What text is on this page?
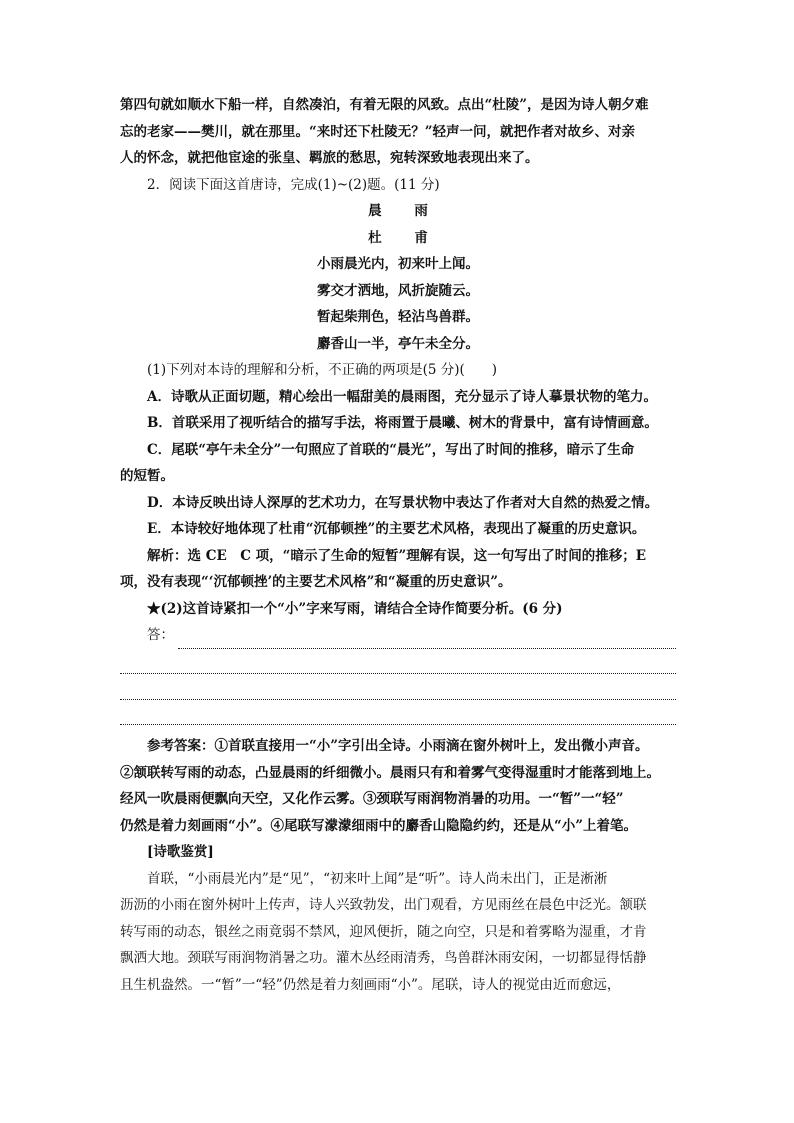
第四句就如顺水下船一样，自然凑泊，有着无限的风致。点出“杜陵”，是因为诗人朝夕难

忘的老家——樊川，就在那里。“来时还下杜陵无？”轻声一问，就把作者对故乡、对亲

人的怀念，就把他宦途的张皇、羁旅的愁思，宛转深致地表现出来了。

2．阅读下面这首唐诗，完成(1)~(2)题。(11 分)

晨 雨

杜 甫

小雨晨光内，初来叶上闻。

雾交才洒地，风折旋随云。

暂起柴荆色，轻沾鸟兽群。

麝香山一半，亭午未全分。

(1)下列对本诗的理解和分析，不正确的两项是(5 分)(　　)

A．诗歌从正面切题，精心绘出一幅甜美的晨雨图，充分显示了诗人摹景状物的笔力。

B．首联采用了视听结合的描写手法，将雨置于晨曦、树木的背景中，富有诗情画意。

C．尾联“亭午未全分”一句照应了首联的“晨光”，写出了时间的推移，暗示了生命

的短暂。

D．本诗反映出诗人深厚的艺术功力，在写景状物中表达了作者对大自然的热爱之情。

E．本诗较好地体现了杜甫“沉郁顿挫”的主要艺术风格，表现出了凝重的历史意识。

解析：选 CE　C 项，“暗示了生命的短暂”理解有误，这一句写出了时间的推移；E

项，没有表现“‘沉郁顿挫’的主要艺术风格”和“凝重的历史意识”。

★(2)这首诗紧扣一个“小”字来写雨，请结合全诗作简要分析。(6 分)

答：

参考答案：①首联直接用一“小”字引出全诗。小雨滴在窗外树叶上，发出微小声音。

②颔联转写雨的动态，凸显晨雨的纤细微小。晨雨只有和着雾气变得湿重时才能落到地上。

经风一吹晨雨便飘向天空，又化作云雾。③颈联写雨润物消暑的功用。一“暂”一“轻”

仍然是着力刻画雨“小”。④尾联写濛濛细雨中的麝香山隐隐约约，还是从“小”上着笔。

[诗歌鉴赏]

首联，“小雨晨光内”是“见”，“初来叶上闻”是“听”。诗人尚未出门，正是淅淅

沥沥的小雨在窗外树叶上传声，诗人兴致勃发，出门观看，方见雨丝在晨色中泛光。颔联

转写雨的动态，银丝之雨竟弱不禁风，迎风便折，随之向空，只是和着雾略为湿重，才肯

飘洒大地。颈联写雨润物消暑之功。灌木丛经雨清秀，鸟兽群沐雨安闲，一切都显得恬静

且生机盎然。一“暂”一“轻”仍然是着力刻画雨“小”。尾联，诗人的视觉由近而愈远，
